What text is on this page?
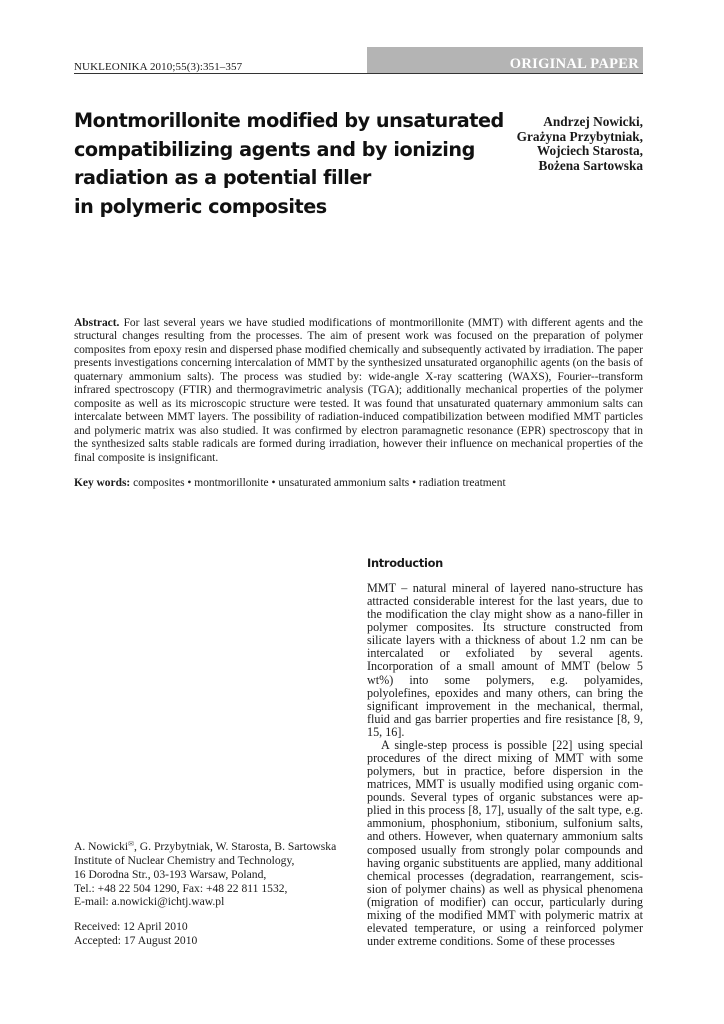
NUKLEONIKA 2010;55(3):351–357	ORIGINAL PAPER
Montmorillonite modified by unsaturated
compatibilizing agents and by ionizing
radiation as a potential filler
in polymeric composites
Andrzej Nowicki,
Grażyna Przybytniak,
Wojciech Starosta,
Bożena Sartowska
Abstract. For last several years we have studied modifications of montmorillonite (MMT) with different agents and the structural changes resulting from the processes. The aim of present work was focused on the preparation of polymer composites from epoxy resin and dispersed phase modified chemically and subsequently activated by irradiation. The paper presents investigations concerning intercalation of MMT by the synthesized unsaturated organophilic agents (on the basis of quaternary ammonium salts). The process was studied by: wide-angle X-ray scattering (WAXS), Fourier--transform infrared spectroscopy (FTIR) and thermogravimetric analysis (TGA); additionally mechanical properties of the polymer composite as well as its microscopic structure were tested. It was found that unsaturated quaternary ammonium salts can intercalate between MMT layers. The possibility of radiation-induced compatibilization between modified MMT particles and polymeric matrix was also studied. It was confirmed by electron paramagnetic resonance (EPR) spectroscopy that in the synthesized salts stable radicals are formed during irradiation, however their influence on mechanical properties of the final composite is insignificant.
Key words: composites • montmorillonite • unsaturated ammonium salts • radiation treatment
Introduction

MMT – natural mineral of layered nano-structure has attracted considerable interest for the last years, due to the modification the clay might show as a nano-filler in polymer composites. Its structure constructed from silicate layers with a thickness of about 1.2 nm can be intercalated or exfoliated by several agents. Incorporation of a small amount of MMT (below 5 wt%) into some polymers, e.g. polyamides, polyolefines, epoxides and many others, can bring the significant improvement in the mechanical, thermal, fluid and gas barrier properties and fire resistance [8, 9, 15, 16].

A single-step process is possible [22] using special procedures of the direct mixing of MMT with some polymers, but in practice, before dispersion in the matrices, MMT is usually modified using organic compounds. Several types of organic substances were applied in this process [8, 17], usually of the salt type, e.g. ammonium, phosphonium, stibonium, sulfonium salts, and others. However, when quaternary ammonium salts composed usually from strongly polar compounds and having organic substituents are applied, many additional chemical processes (degradation, rearrangement, scission of polymer chains) as well as physical phenomena (migration of modifier) can occur, particularly during mixing of the modified MMT with polymeric matrix at elevated temperature, or using a reinforced polymer under extreme conditions. Some of these processes

A. Nowicki✉, G. Przybytniak, W. Starosta, B. Sartowska
Institute of Nuclear Chemistry and Technology,
16 Dorodna Str., 03-193 Warsaw, Poland,
Tel.: +48 22 504 1290, Fax: +48 22 811 1532,
E-mail: a.nowicki@ichtj.waw.pl
Received: 12 April 2010
Accepted: 17 August 2010
